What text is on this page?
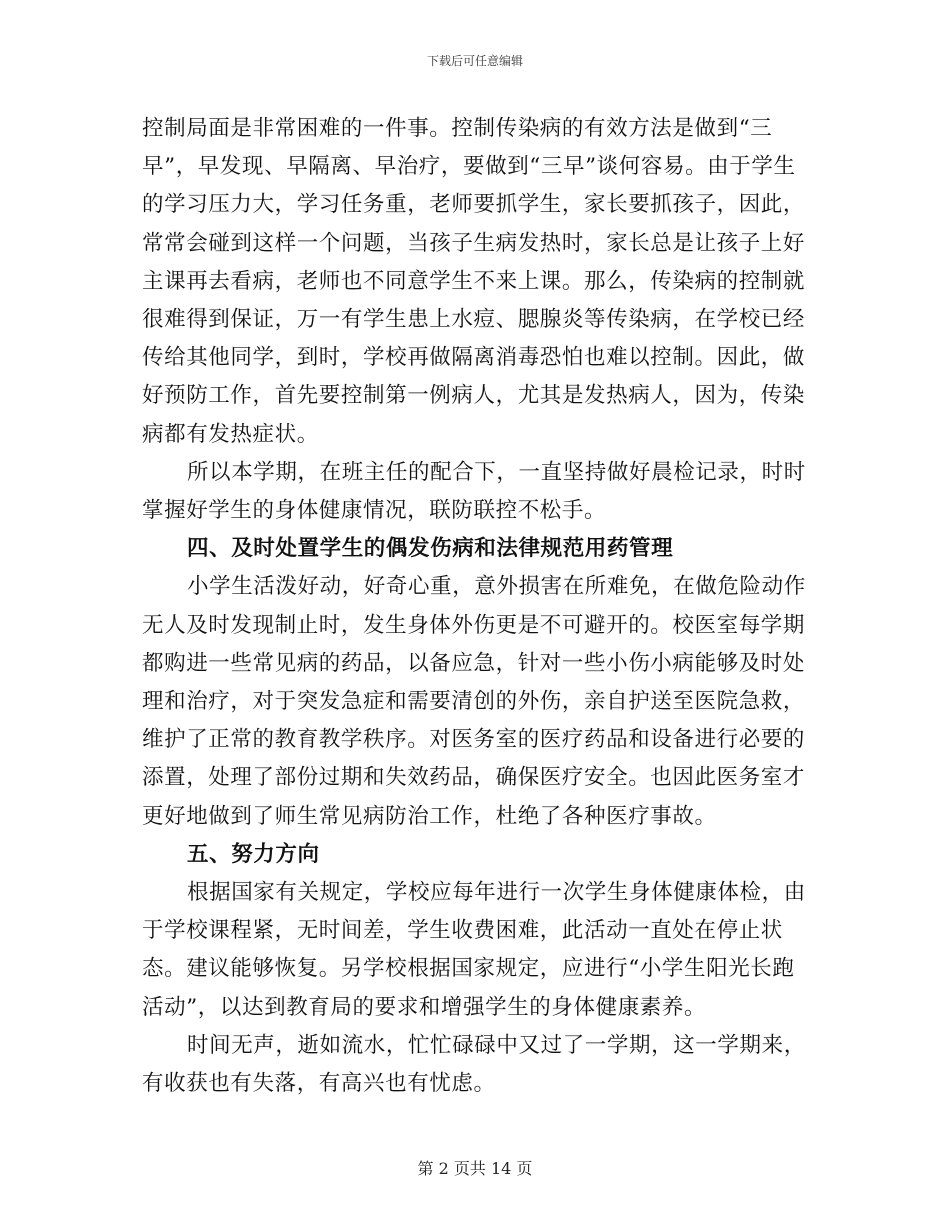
下载后可任意编辑

控制局面是非常困难的一件事。控制传染病的有效方法是做到“三早”，早发现、早隔离、早治疗，要做到“三早”谈何容易。由于学生的学习压力大，学习任务重，老师要抓学生，家长要抓孩子，因此，常常会碰到这样一个问题，当孩子生病发热时，家长总是让孩子上好主课再去看病，老师也不同意学生不来上课。那么，传染病的控制就很难得到保证，万一有学生患上水痘、腮腺炎等传染病，在学校已经传给其他同学，到时，学校再做隔离消毒恐怕也难以控制。因此，做好预防工作，首先要控制第一例病人，尤其是发热病人，因为，传染病都有发热症状。

所以本学期，在班主任的配合下，一直坚持做好晨检记录，时时掌握好学生的身体健康情况，联防联控不松手。

四、及时处置学生的偶发伤病和法律规范用药管理

小学生活泼好动，好奇心重，意外损害在所难免，在做危险动作无人及时发现制止时，发生身体外伤更是不可避开的。校医室每学期都购进一些常见病的药品，以备应急，针对一些小伤小病能够及时处理和治疗，对于突发急症和需要清创的外伤，亲自护送至医院急救，维护了正常的教育教学秩序。对医务室的医疗药品和设备进行必要的添置，处理了部份过期和失效药品，确保医疗安全。也因此医务室才更好地做到了师生常见病防治工作，杜绝了各种医疗事故。

五、努力方向

根据国家有关规定，学校应每年进行一次学生身体健康体检，由于学校课程紧，无时间差，学生收费困难，此活动一直处在停止状态。建议能够恢复。另学校根据国家规定，应进行“小学生阳光长跑活动”，以达到教育局的要求和增强学生的身体健康素养。

时间无声，逝如流水，忙忙碌碌中又过了一学期，这一学期来，有收获也有失落，有高兴也有忧虑。

第 2 页共 14 页
